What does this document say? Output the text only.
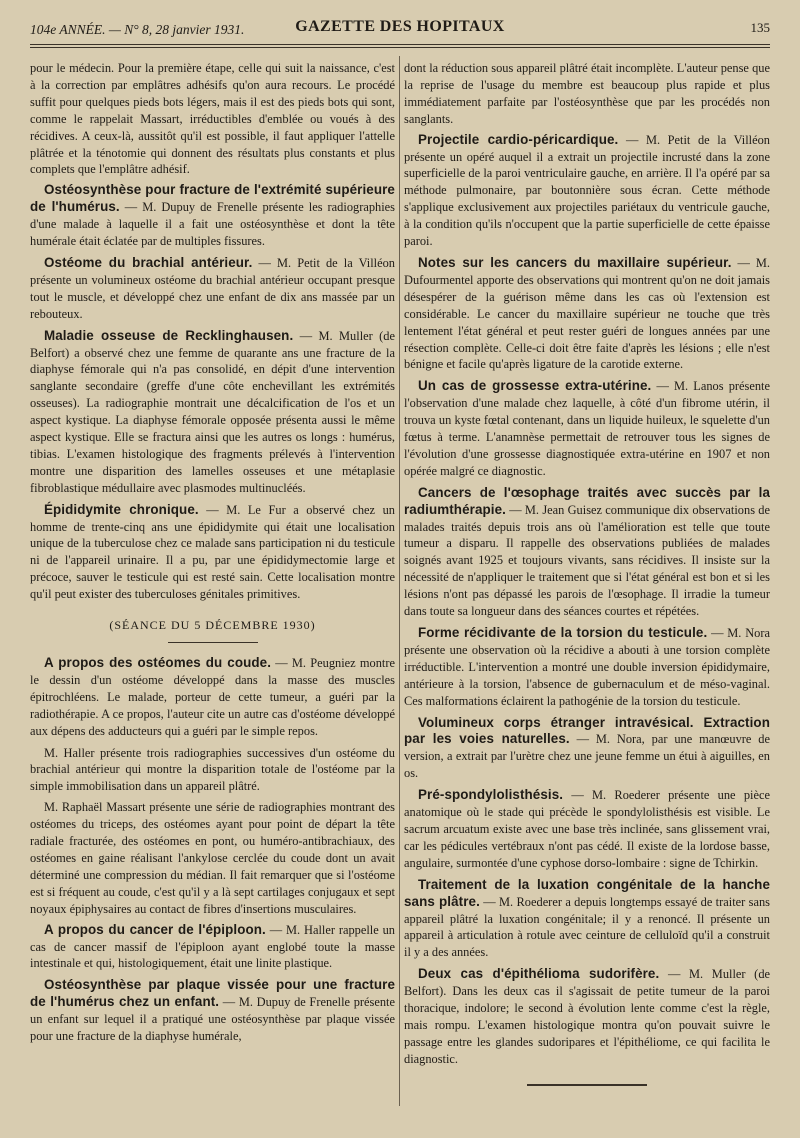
104e ANNÉE. — N° 8, 28 janvier 1931.	GAZETTE DES HOPITAUX	135

pour le médecin. Pour la première étape, celle qui suit la naissance, c'est à la correction par emplâtres adhésifs qu'on aura recours. Le procédé suffit pour quelques pieds bots légers, mais il est des pieds bots qui sont, comme le rappelait Massart, irréductibles d'emblée ou voués à des récidives. A ceux-là, aussitôt qu'il est possible, il faut appliquer l'attelle plâtrée et la ténotomie qui donnent des résultats plus constants et plus complets que l'emplâtre adhésif.

Ostéosynthèse pour fracture de l'extrémité supérieure de l'humérus. — M. Dupuy de Frenelle présente les radiographies d'une malade à laquelle il a fait une ostéosynthèse et dont la tête humérale était éclatée par de multiples fissures.
Ostéome du brachial antérieur. — M. Petit de la Villéon présente un volumineux ostéome du brachial antérieur occupant presque tout le muscle, et développé chez une enfant de dix ans massée par un rebouteux.
Maladie osseuse de Recklinghausen. — M. Muller (de Belfort) a observé chez une femme de quarante ans une fracture de la diaphyse fémorale qui n'a pas consolidé, en dépit d'une intervention sanglante secondaire (greffe d'une côte enchevillant les extrémités osseuses). La radiographie montrait une décalcification de l'os et un aspect kystique. La diaphyse fémorale opposée présenta aussi le même aspect kystique. Elle se fractura ainsi que les autres os longs : humérus, tibias. L'examen histologique des fragments prélevés à l'intervention montre une disparition des lamelles osseuses et une métaplasie fibroblastique médullaire avec plasmodes multinucléés.
Épididymite chronique. — M. Le Fur a observé chez un homme de trente-cinq ans une épididymite qui était une localisation unique de la tuberculose chez ce malade sans participation ni du testicule ni de l'appareil urinaire. Il a pu, par une épididymectomie large et précoce, sauver le testicule qui est resté sain. Cette localisation montre qu'il peut exister des tuberculoses génitales primitives.
(SÉANCE DU 5 DÉCEMBRE 1930)
A propos des ostéomes du coude. — M. Peugniez montre le dessin d'un ostéome développé dans la masse des muscles épitrochléens. Le malade, porteur de cette tumeur, a guéri par la radiothérapie. A ce propos, l'auteur cite un autre cas d'ostéome développé aux dépens des adducteurs qui a guéri par le simple repos.

M. Haller présente trois radiographies successives d'un ostéome du brachial antérieur qui montre la disparition totale de l'ostéome par la simple immobilisation dans un appareil plâtré.

M. Raphaël Massart présente une série de radiographies montrant des ostéomes du triceps, des ostéomes ayant pour point de départ la tête radiale fracturée, des ostéomes en pont, ou huméro-antibrachiaux, des ostéomes en gaine réalisant l'ankylose cerclée du coude dont un avait déterminé une compression du médian. Il fait remarquer que si l'ostéome est si fréquent au coude, c'est qu'il y a là sept cartilages conjugaux et sept noyaux épiphysaires au contact de fibres d'insertions musculaires.

A propos du cancer de l'épiploon. — M. Haller rappelle un cas de cancer massif de l'épiploon ayant englobé toute la masse intestinale et qui, histologiquement, était une linite plastique.
Ostéosynthèse par plaque vissée pour une fracture de l'humérus chez un enfant. — M. Dupuy de Frenelle présente un enfant sur lequel il a pratiqué une ostéosynthèse par plaque vissée pour une fracture de la diaphyse humérale,

dont la réduction sous appareil plâtré était incomplète. L'auteur pense que la reprise de l'usage du membre est beaucoup plus rapide et plus immédiatement parfaite par l'ostéosynthèse que par les procédés non sanglants.

Projectile cardio-péricardique. — M. Petit de la Villéon présente un opéré auquel il a extrait un projectile incrusté dans la zone superficielle de la paroi ventriculaire gauche, en arrière. Il l'a opéré par sa méthode pulmonaire, par boutonnière sous écran. Cette méthode s'applique exclusivement aux projectiles pariétaux du ventricule gauche, à la condition qu'ils n'occupent que la partie superficielle de cette épaisse paroi.
Notes sur les cancers du maxillaire supérieur. — M. Dufourmentel apporte des observations qui montrent qu'on ne doit jamais désespérer de la guérison même dans les cas où l'extension est considérable. Le cancer du maxillaire supérieur ne touche que très lentement l'état général et peut rester guéri de longues années par une résection complète. Celle-ci doit être faite d'après les lésions ; elle n'est bénigne et facile qu'après ligature de la carotide externe.
Un cas de grossesse extra-utérine. — M. Lanos présente l'observation d'une malade chez laquelle, à côté d'un fibrome utérin, il trouva un kyste fœtal contenant, dans un liquide huileux, le squelette d'un fœtus à terme. L'anamnèse permettait de retrouver tous les signes de l'évolution d'une grossesse diagnostiquée extra-utérine en 1907 et non opérée malgré ce diagnostic.
Cancers de l'œsophage traités avec succès par la radiumthérapie. — M. Jean Guisez communique dix observations de malades traités depuis trois ans où l'amélioration est telle que toute tumeur a disparu. Il rappelle des observations publiées de malades soignés avant 1925 et toujours vivants, sans récidives. Il insiste sur la nécessité de n'appliquer le traitement que si l'état général est bon et si les lésions n'ont pas dépassé les parois de l'œsophage. Il irradie la tumeur dans toute sa longueur dans des séances courtes et répétées.
Forme récidivante de la torsion du testicule. — M. Nora présente une observation où la récidive a abouti à une torsion complète irréductible. L'intervention a montré une double inversion épididymaire, antérieure à la torsion, l'absence de gubernaculum et de méso-vaginal. Ces malformations éclairent la pathogénie de la torsion du testicule.
Volumineux corps étranger intravésical. Extraction par les voies naturelles. — M. Nora, par une manœuvre de version, a extrait par l'urètre chez une jeune femme un étui à aiguilles, en os.
Pré-spondylolisthésis. — M. Roederer présente une pièce anatomique où le stade qui précède le spondylolisthésis est visible. Le sacrum arcuatum existe avec une base très inclinée, sans glissement vrai, car les pédicules vertébraux n'ont pas cédé. Il existe de la lordose basse, angulaire, surmontée d'une cyphose dorso-lombaire : signe de Tchirkin.
Traitement de la luxation congénitale de la hanche sans plâtre. — M. Roederer a depuis longtemps essayé de traiter sans appareil plâtré la luxation congénitale; il y a renoncé. Il présente un appareil à articulation à rotule avec ceinture de celluloïd qu'il a construit il y a des années.
Deux cas d'épithélioma sudorifère. — M. Muller (de Belfort). Dans les deux cas il s'agissait de petite tumeur de la paroi thoracique, indolore; le second à évolution lente comme c'est la règle, mais rompu. L'examen histologique montra qu'on pouvait suivre le passage entre les glandes sudoripares et l'épithéliome, ce qui facilita le diagnostic.
